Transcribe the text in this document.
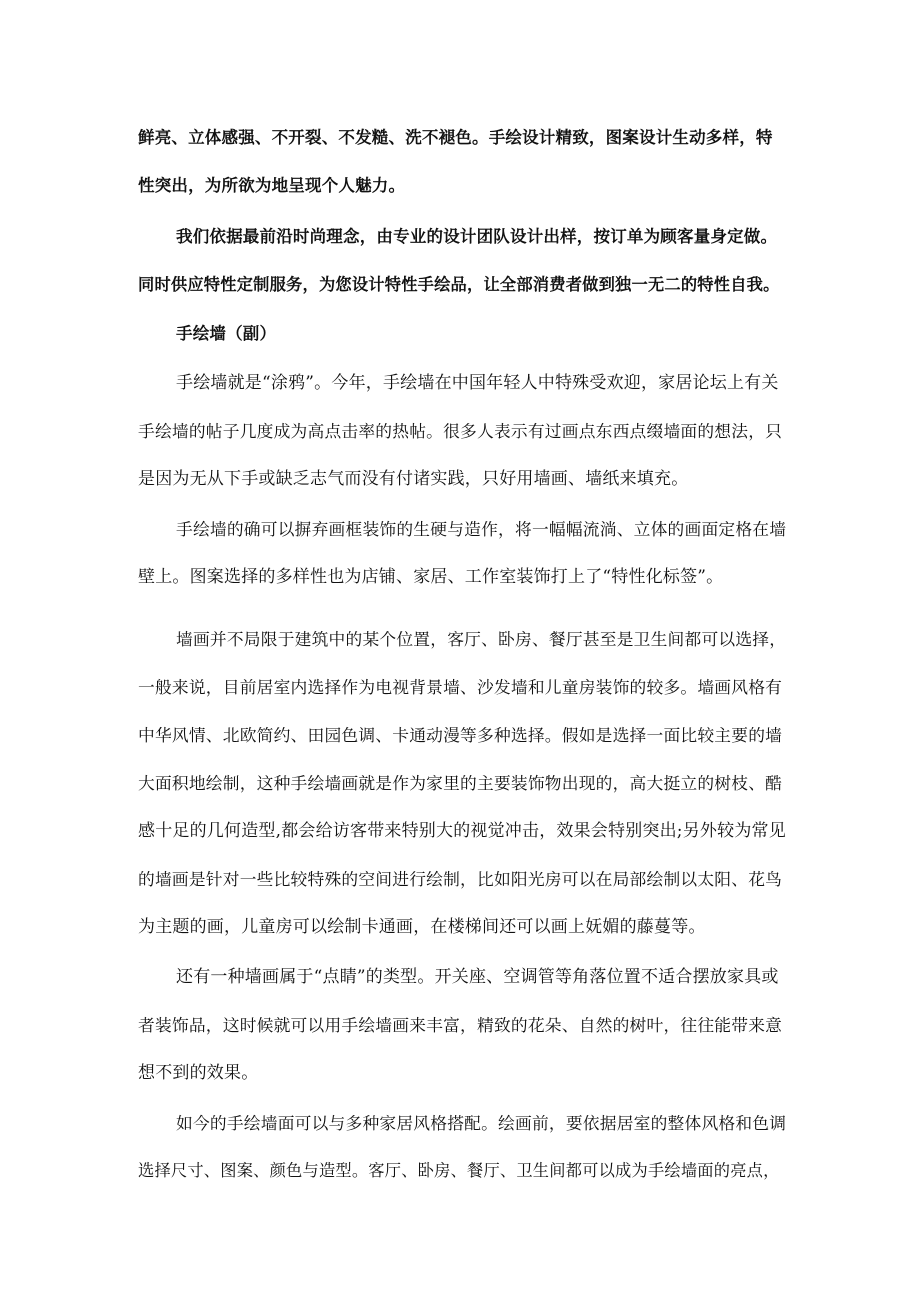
鲜亮、立体感强、不开裂、不发糙、洗不褪色。手绘设计精致，图案设计生动多样，特

性突出，为所欲为地呈现个人魅力。

我们依据最前沿时尚理念，由专业的设计团队设计出样，按订单为顾客量身定做。

同时供应特性定制服务，为您设计特性手绘品，让全部消费者做到独一无二的特性自我。

手绘墙（副）

手绘墙就是“涂鸦”。今年，手绘墙在中国年轻人中特殊受欢迎，家居论坛上有关

手绘墙的帖子几度成为高点击率的热帖。很多人表示有过画点东西点缀墙面的想法，只

是因为无从下手或缺乏志气而没有付诸实践，只好用墙画、墙纸来填充。

手绘墙的确可以摒弃画框装饰的生硬与造作，将一幅幅流淌、立体的画面定格在墙

壁上。图案选择的多样性也为店铺、家居、工作室装饰打上了“特性化标签”。

墙画并不局限于建筑中的某个位置，客厅、卧房、餐厅甚至是卫生间都可以选择，

一般来说，目前居室内选择作为电视背景墙、沙发墙和儿童房装饰的较多。墙画风格有

中华风情、北欧简约、田园色调、卡通动漫等多种选择。假如是选择一面比较主要的墙

大面积地绘制，这种手绘墙画就是作为家里的主要装饰物出现的，高大挺立的树枝、酷

感十足的几何造型,都会给访客带来特别大的视觉冲击，效果会特别突出;另外较为常见

的墙画是针对一些比较特殊的空间进行绘制，比如阳光房可以在局部绘制以太阳、花鸟

为主题的画，儿童房可以绘制卡通画，在楼梯间还可以画上妩媚的藤蔓等。

还有一种墙画属于“点睛”的类型。开关座、空调管等角落位置不适合摆放家具或

者装饰品，这时候就可以用手绘墙画来丰富，精致的花朵、自然的树叶，往往能带来意

想不到的效果。

如今的手绘墙面可以与多种家居风格搭配。绘画前，要依据居室的整体风格和色调

选择尺寸、图案、颜色与造型。客厅、卧房、餐厅、卫生间都可以成为手绘墙面的亮点，
